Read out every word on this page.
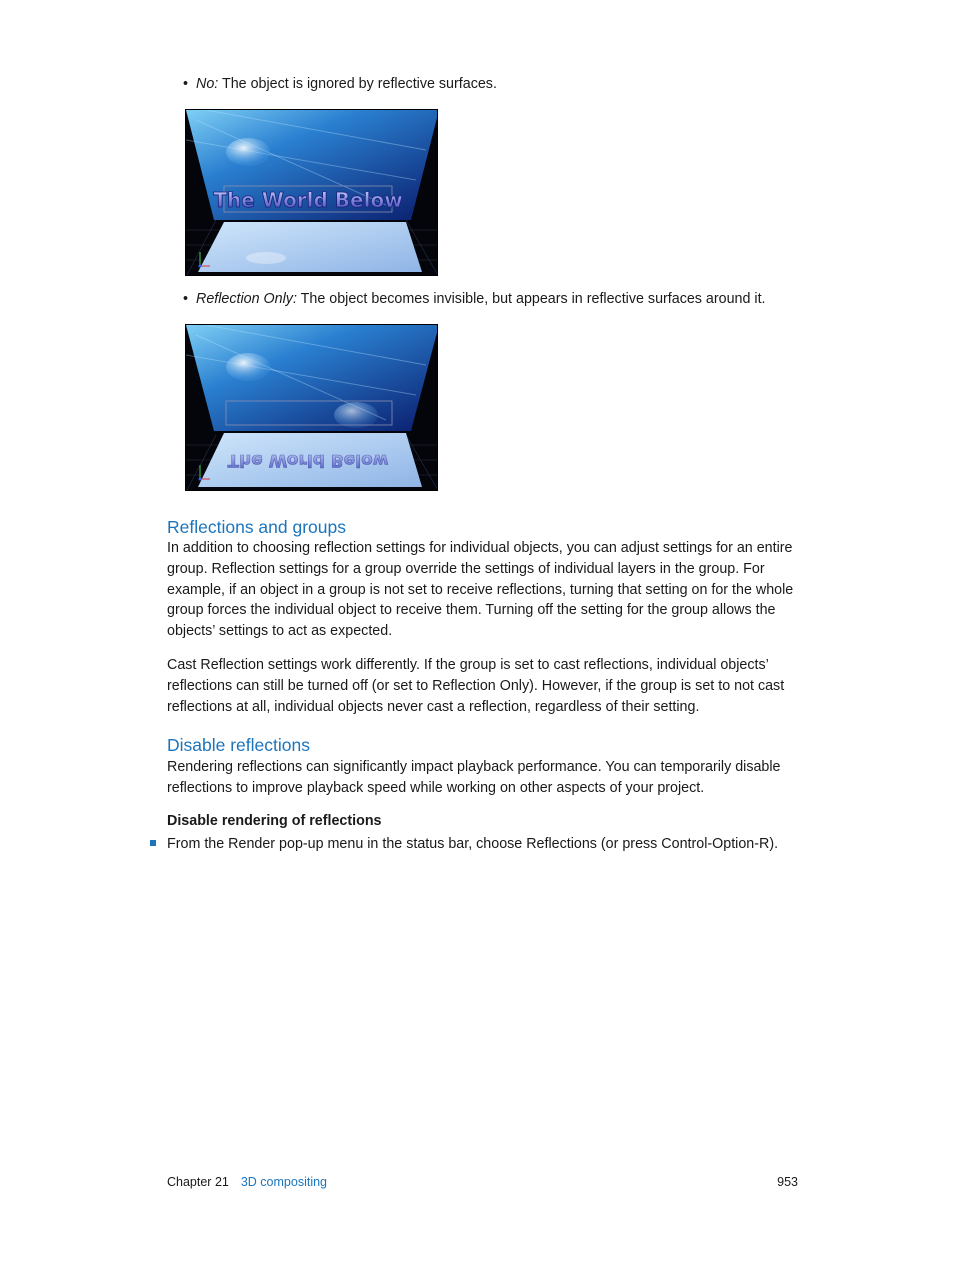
• No: The object is ignored by reflective surfaces.
The World Below
• Reflection Only: The object becomes invisible, but appears in reflective surfaces around it.
The World Below
Reflections and groups

In addition to choosing reflection settings for individual objects, you can adjust settings for an entire group. Reflection settings for a group override the settings of individual layers in the group. For example, if an object in a group is not set to receive reflections, turning that setting on for the whole group forces the individual object to receive them. Turning off the setting for the group allows the objects’ settings to act as expected.

Cast Reflection settings work differently. If the group is set to cast reflections, individual objects’ reflections can still be turned off (or set to Reflection Only). However, if the group is set to not cast reflections at all, individual objects never cast a reflection, regardless of their setting.

Disable reflections

Rendering reflections can significantly impact playback performance. You can temporarily disable reflections to improve playback speed while working on other aspects of your project.

Disable rendering of reflections
From the Render pop-up menu in the status bar, choose Reflections (or press Control-Option-R).
Chapter 21 3D compositing	953
